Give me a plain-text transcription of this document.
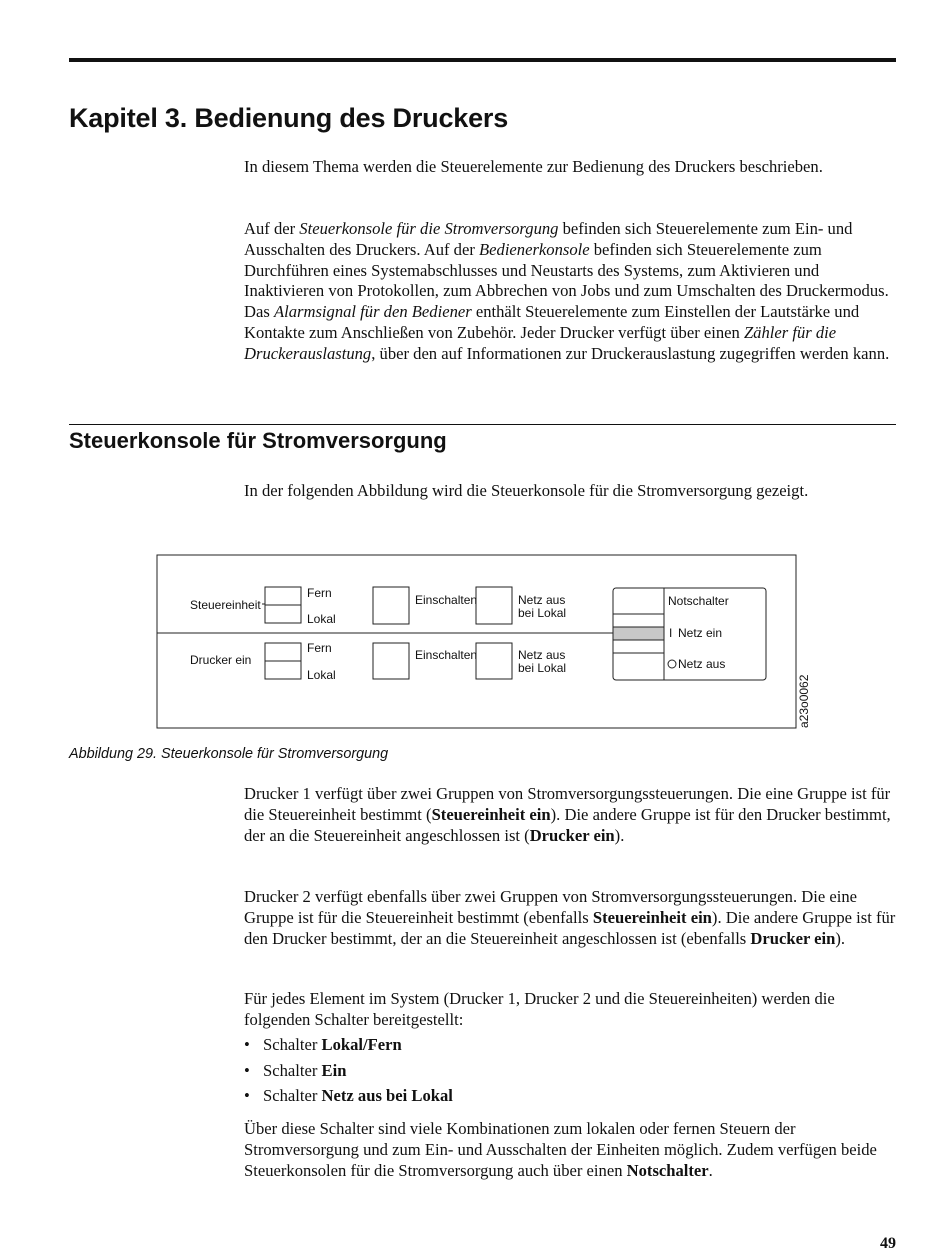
Kapitel 3. Bedienung des Druckers

In diesem Thema werden die Steuerelemente zur Bedienung des Druckers beschrieben.

Auf der Steuerkonsole für die Stromversorgung befinden sich Steuerelemente zum Ein- und Ausschalten des Druckers. Auf der Bedienerkonsole befinden sich Steuerelemente zum Durchführen eines Systemabschlusses und Neustarts des Systems, zum Aktivieren und Inaktivieren von Protokollen, zum Abbrechen von Jobs und zum Umschalten des Druckermodus. Das Alarmsignal für den Bediener enthält Steuerelemente zum Einstellen der Lautstärke und Kontakte zum Anschließen von Zubehör. Jeder Drucker verfügt über einen Zähler für die Druckerauslastung, über den auf Informationen zur Druckerauslastung zugegriffen werden kann.

Steuerkonsole für Stromversorgung

In der folgenden Abbildung wird die Steuerkonsole für die Stromversorgung gezeigt.

Steuereinheit
Fern
Lokal
Einschalten	Netz aus
bei Lokal
Drucker ein
Fern
Lokal
Einschalten	Netz aus
bei Lokal
Notschalter
I Netz ein
Netz aus
a23o0062

Abbildung 29. Steuerkonsole für Stromversorgung

Drucker 1 verfügt über zwei Gruppen von Stromversorgungssteuerungen. Die eine Gruppe ist für die Steuereinheit bestimmt (Steuereinheit ein). Die andere Gruppe ist für den Drucker bestimmt, der an die Steuereinheit angeschlossen ist (Drucker ein).

Drucker 2 verfügt ebenfalls über zwei Gruppen von Stromversorgungssteuerungen. Die eine Gruppe ist für die Steuereinheit bestimmt (ebenfalls Steuereinheit ein). Die andere Gruppe ist für den Drucker bestimmt, der an die Steuereinheit angeschlossen ist (ebenfalls Drucker ein).

Für jedes Element im System (Drucker 1, Drucker 2 und die Steuereinheiten) werden die folgenden Schalter bereitgestellt:

• Schalter Lokal/Fern
• Schalter Ein
• Schalter Netz aus bei Lokal

Über diese Schalter sind viele Kombinationen zum lokalen oder fernen Steuern der Stromversorgung und zum Ein- und Ausschalten der Einheiten möglich. Zudem verfügen beide Steuerkonsolen für die Stromversorgung auch über einen Notschalter.

49
